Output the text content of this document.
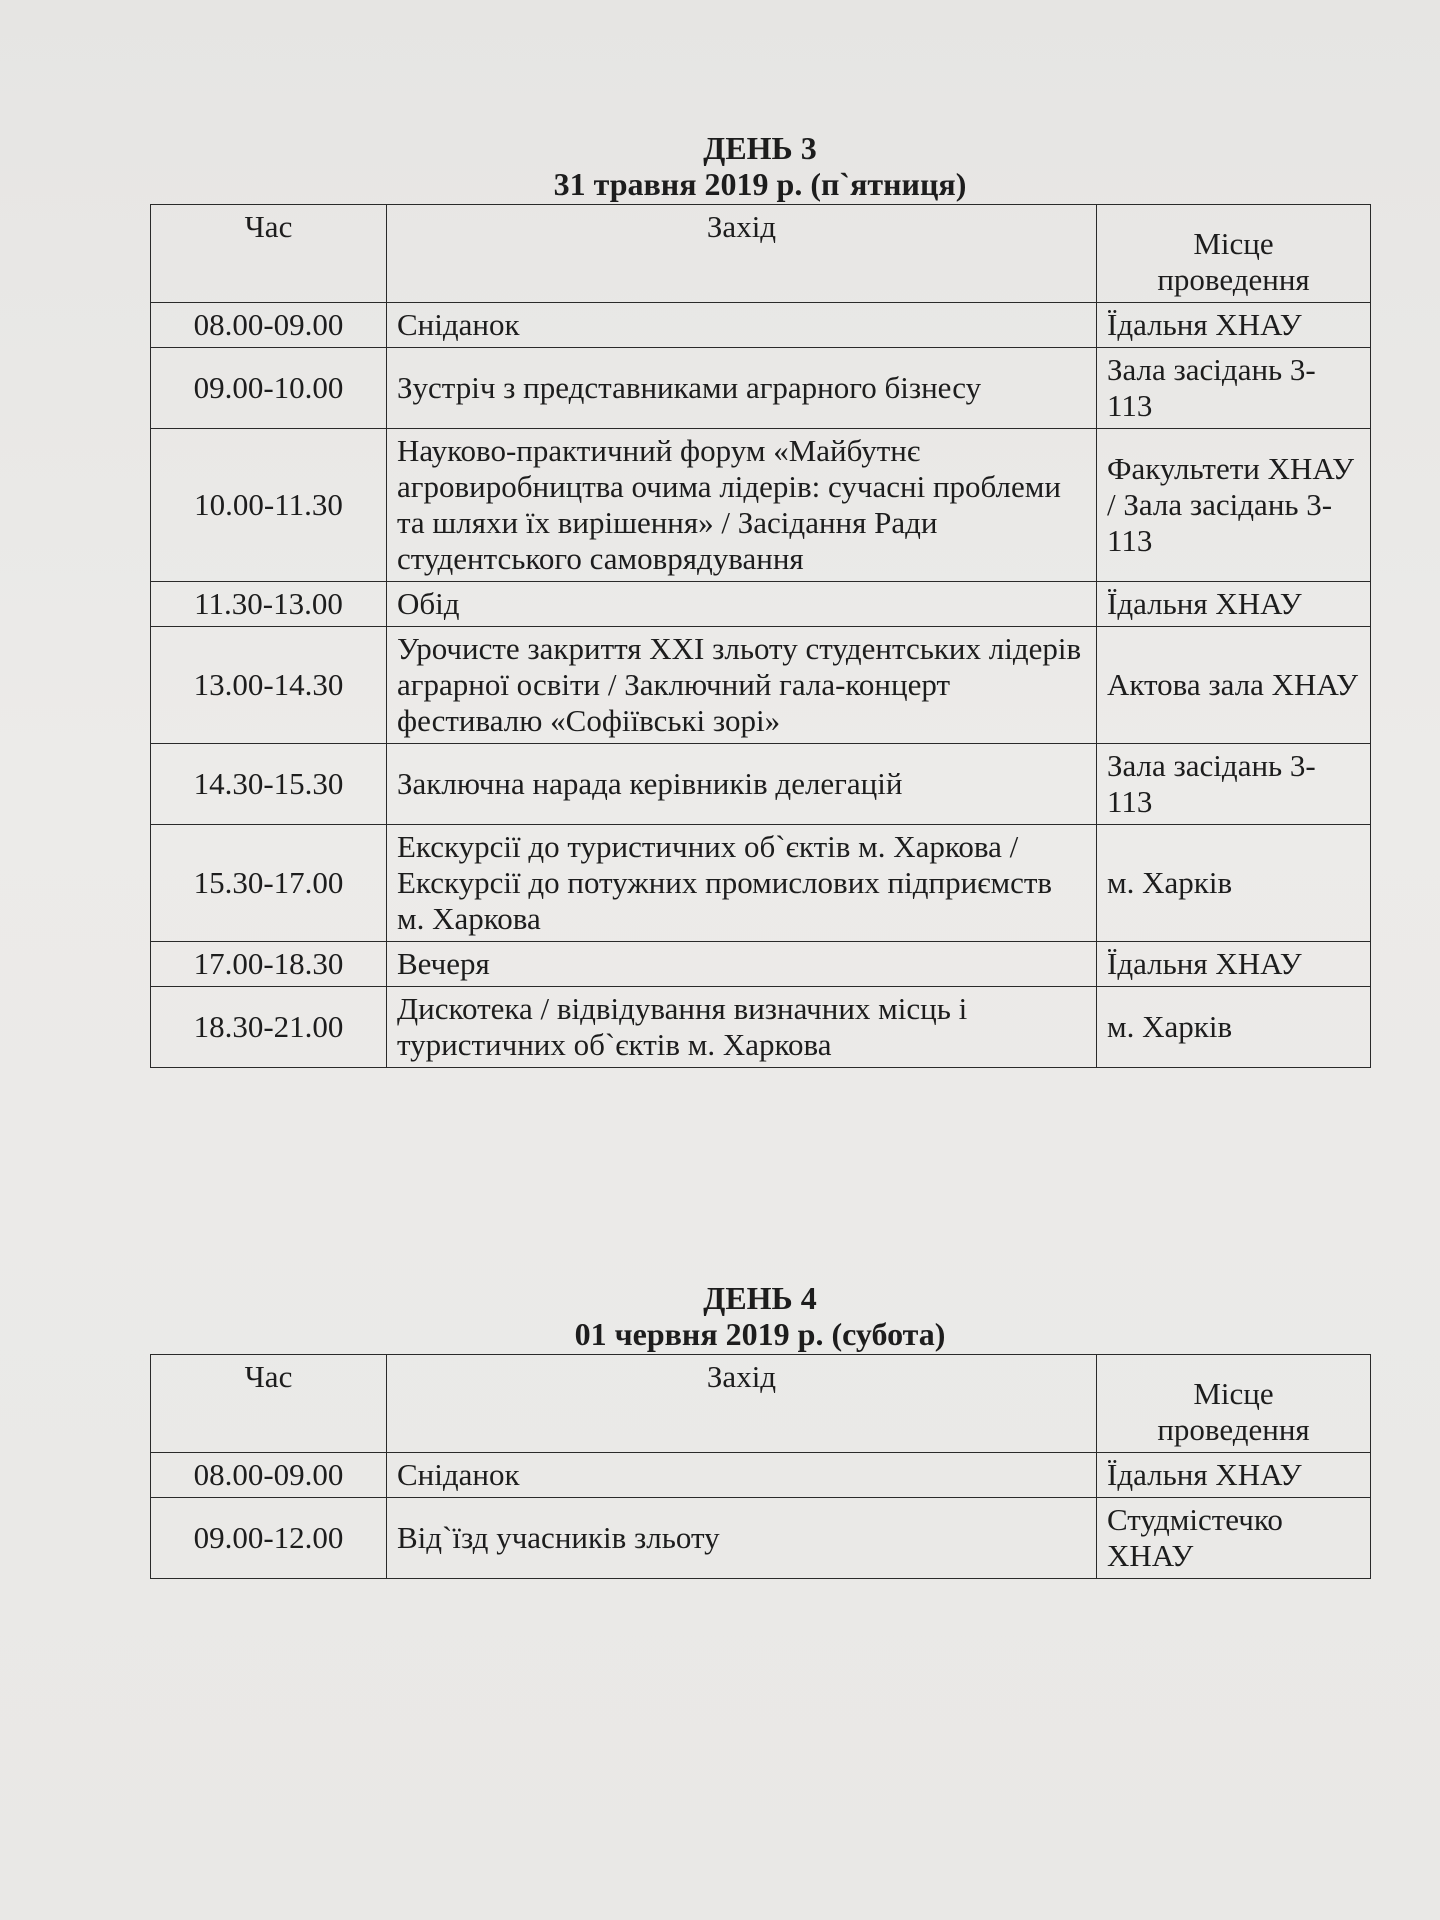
ДЕНЬ 3

31 травня 2019 р. (п`ятниця)

Час	Захід	Місце
проведення
08.00-09.00	Сніданок	Їдальня ХНАУ
09.00-10.00	Зустріч з представниками аграрного бізнесу	Зала засідань 3-113
10.00-11.30	Науково-практичний форум «Майбутнє агровиробництва очима лідерів: сучасні проблеми та шляхи їх вирішення» / Засідання Ради студентського самоврядування	Факультети ХНАУ / Зала засідань 3-113
11.30-13.00	Обід	Їдальня ХНАУ
13.00-14.30	Урочисте закриття XXI зльоту студентських лідерів аграрної освіти / Заключний гала-концерт фестивалю «Софіївські зорі»	Актова зала ХНАУ
14.30-15.30	Заключна нарада керівників делегацій	Зала засідань 3-113
15.30-17.00	Екскурсії до туристичних об`єктів м. Харкова / Екскурсії до потужних промислових підприємств м. Харкова	м. Харків
17.00-18.30	Вечеря	Їдальня ХНАУ
18.30-21.00	Дискотека / відвідування визначних місць і туристичних об`єктів м. Харкова	м. Харків
ДЕНЬ 4

01 червня 2019 р. (субота)

Час	Захід	Місце
проведення
08.00-09.00	Сніданок	Їдальня ХНАУ
09.00-12.00	Від`їзд учасників зльоту	Студмістечко ХНАУ
